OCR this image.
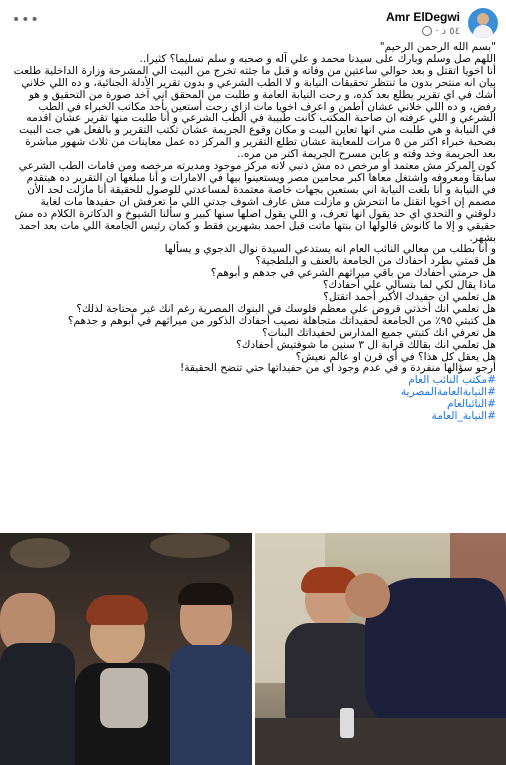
•••	Amr ElDegwi
٥٤ د
·

"بسم الله الرحمن الرحيم"

اللهم صل وسلم وبارك على سيدنا محمد و علي آله و صحبه و سلم تسليما؟ كثيرا..

أنا اخويا اتقتل و بعد حوالي ساعتين من وفاته و قبل ما جثته تخرج من البيت الي المشرحة وزارة الداخلية طلعت بيان انه منتحر بدون ما تنتظر تحقيقات النيابة و لا الطب الشرعي و بدون تقرير الأدلة الجنائية، و ده اللي خلاني أشك في اي تقرير يطلع بعد كده، و رحت النيابة العامة و طلبت من المحقق اني آخد صورة من التحقيق و هو رفض، و ده اللي خلاني عشان أطمن و اعرف اخويا مات ازاي رحت أستعين بأحد مكاتب الخبراء في الطب الشرعي و اللي عرفته ان صاحبة المكتب كانت طبيبة في الطب الشرعي و أنا طلبت منها تقرير عشان اقدمه في النيابة و هي طلبت مني انها تعاين البيت و مكان وقوع الجريمة عشان تكتب التقرير و بالفعل هي جت البيت بصحبة خبراء اكتر من ٥ مرات للمعاينة عشان تطلع التقرير و المركز ده عمل معاينات من ثلاث شهور مباشرة بعد الجريمة وخد وقته و عاين مسرح الجريمة اكتر من مره..

كون المركز مش معتمد أو مرخص ده مش ذنبي لانه مركز موجود ومديرته مرخصه ومن قامات الطب الشرعي سابقاً ومعروفه واشتغل معاها اكبر محامين مصر ويستعينوا بيها في الامارات و أنا مبلغها ان التقرير ده هيتقدم في النيابة و أنا بلغت النيابة اني بستعين بجهات خاصة معتمدة لمساعدتي للوصول للحقيقة أنا مازلت لحد الأن مصمم إن اخويا اتقتل ما انتحرش و مازلت مش عارف اشوف جدتي اللي ما تعرفش ان حفيدها مات لغاية دلوقتي و التحدي اي حد يقول انها تعرف، و اللي يقول اصلها سنها كبير و سألنا الشيوخ و الدكاترة الكلام ده مش حقيقي و إلا ما كانوش قالولها ان بنتها ماتت قبل احمد بشهرين فقط و كمان رئيس الجامعة اللي مات بعد احمد بشهر.

و أنا بطلب من معالي النائب العام انه يستدعي السيدة نوال الدجوي و يسألها

هل قمتي بطرد أحفادك من الجامعة بالعنف و البلطجية؟

هل حرمتي أحفادك من باقي ميراثهم الشرعي في جدهم و أبوهم؟

ماذا يقال لكي لما بتسألي علي أحفادك؟

هل تعلمي ان حفيدك الأكبر أحمد اتقتل؟

هل تعلمي انك أخذتي قروض علي معظم فلوسك في البنوك المصرية رغم انك غير محتاجة لذلك؟

هل كتبتي ٩٥٪ من الجامعة لحفيداتك متجاهلة نصيب أحفادك الذكور من ميراثهم في أبوهم و جدهم؟

هل تعرفي انك كتبتي جميع المدارس لحفيداتك البنات؟

هل تعلمي انك بقالك قرابة ال ٣ سنين ما شوفتيش أحفادك؟

هل يعقل كل هذا؟ في أي قرن او عالم نعيش؟

أرجو سؤالها منفردة و في عدم وجود اي من حفيداتها حتي تتضح الحقيقة!

#مكتب النائب العام

#النيابةالعامةالمصرية

#النائبالعام

#النيابة_العامة
